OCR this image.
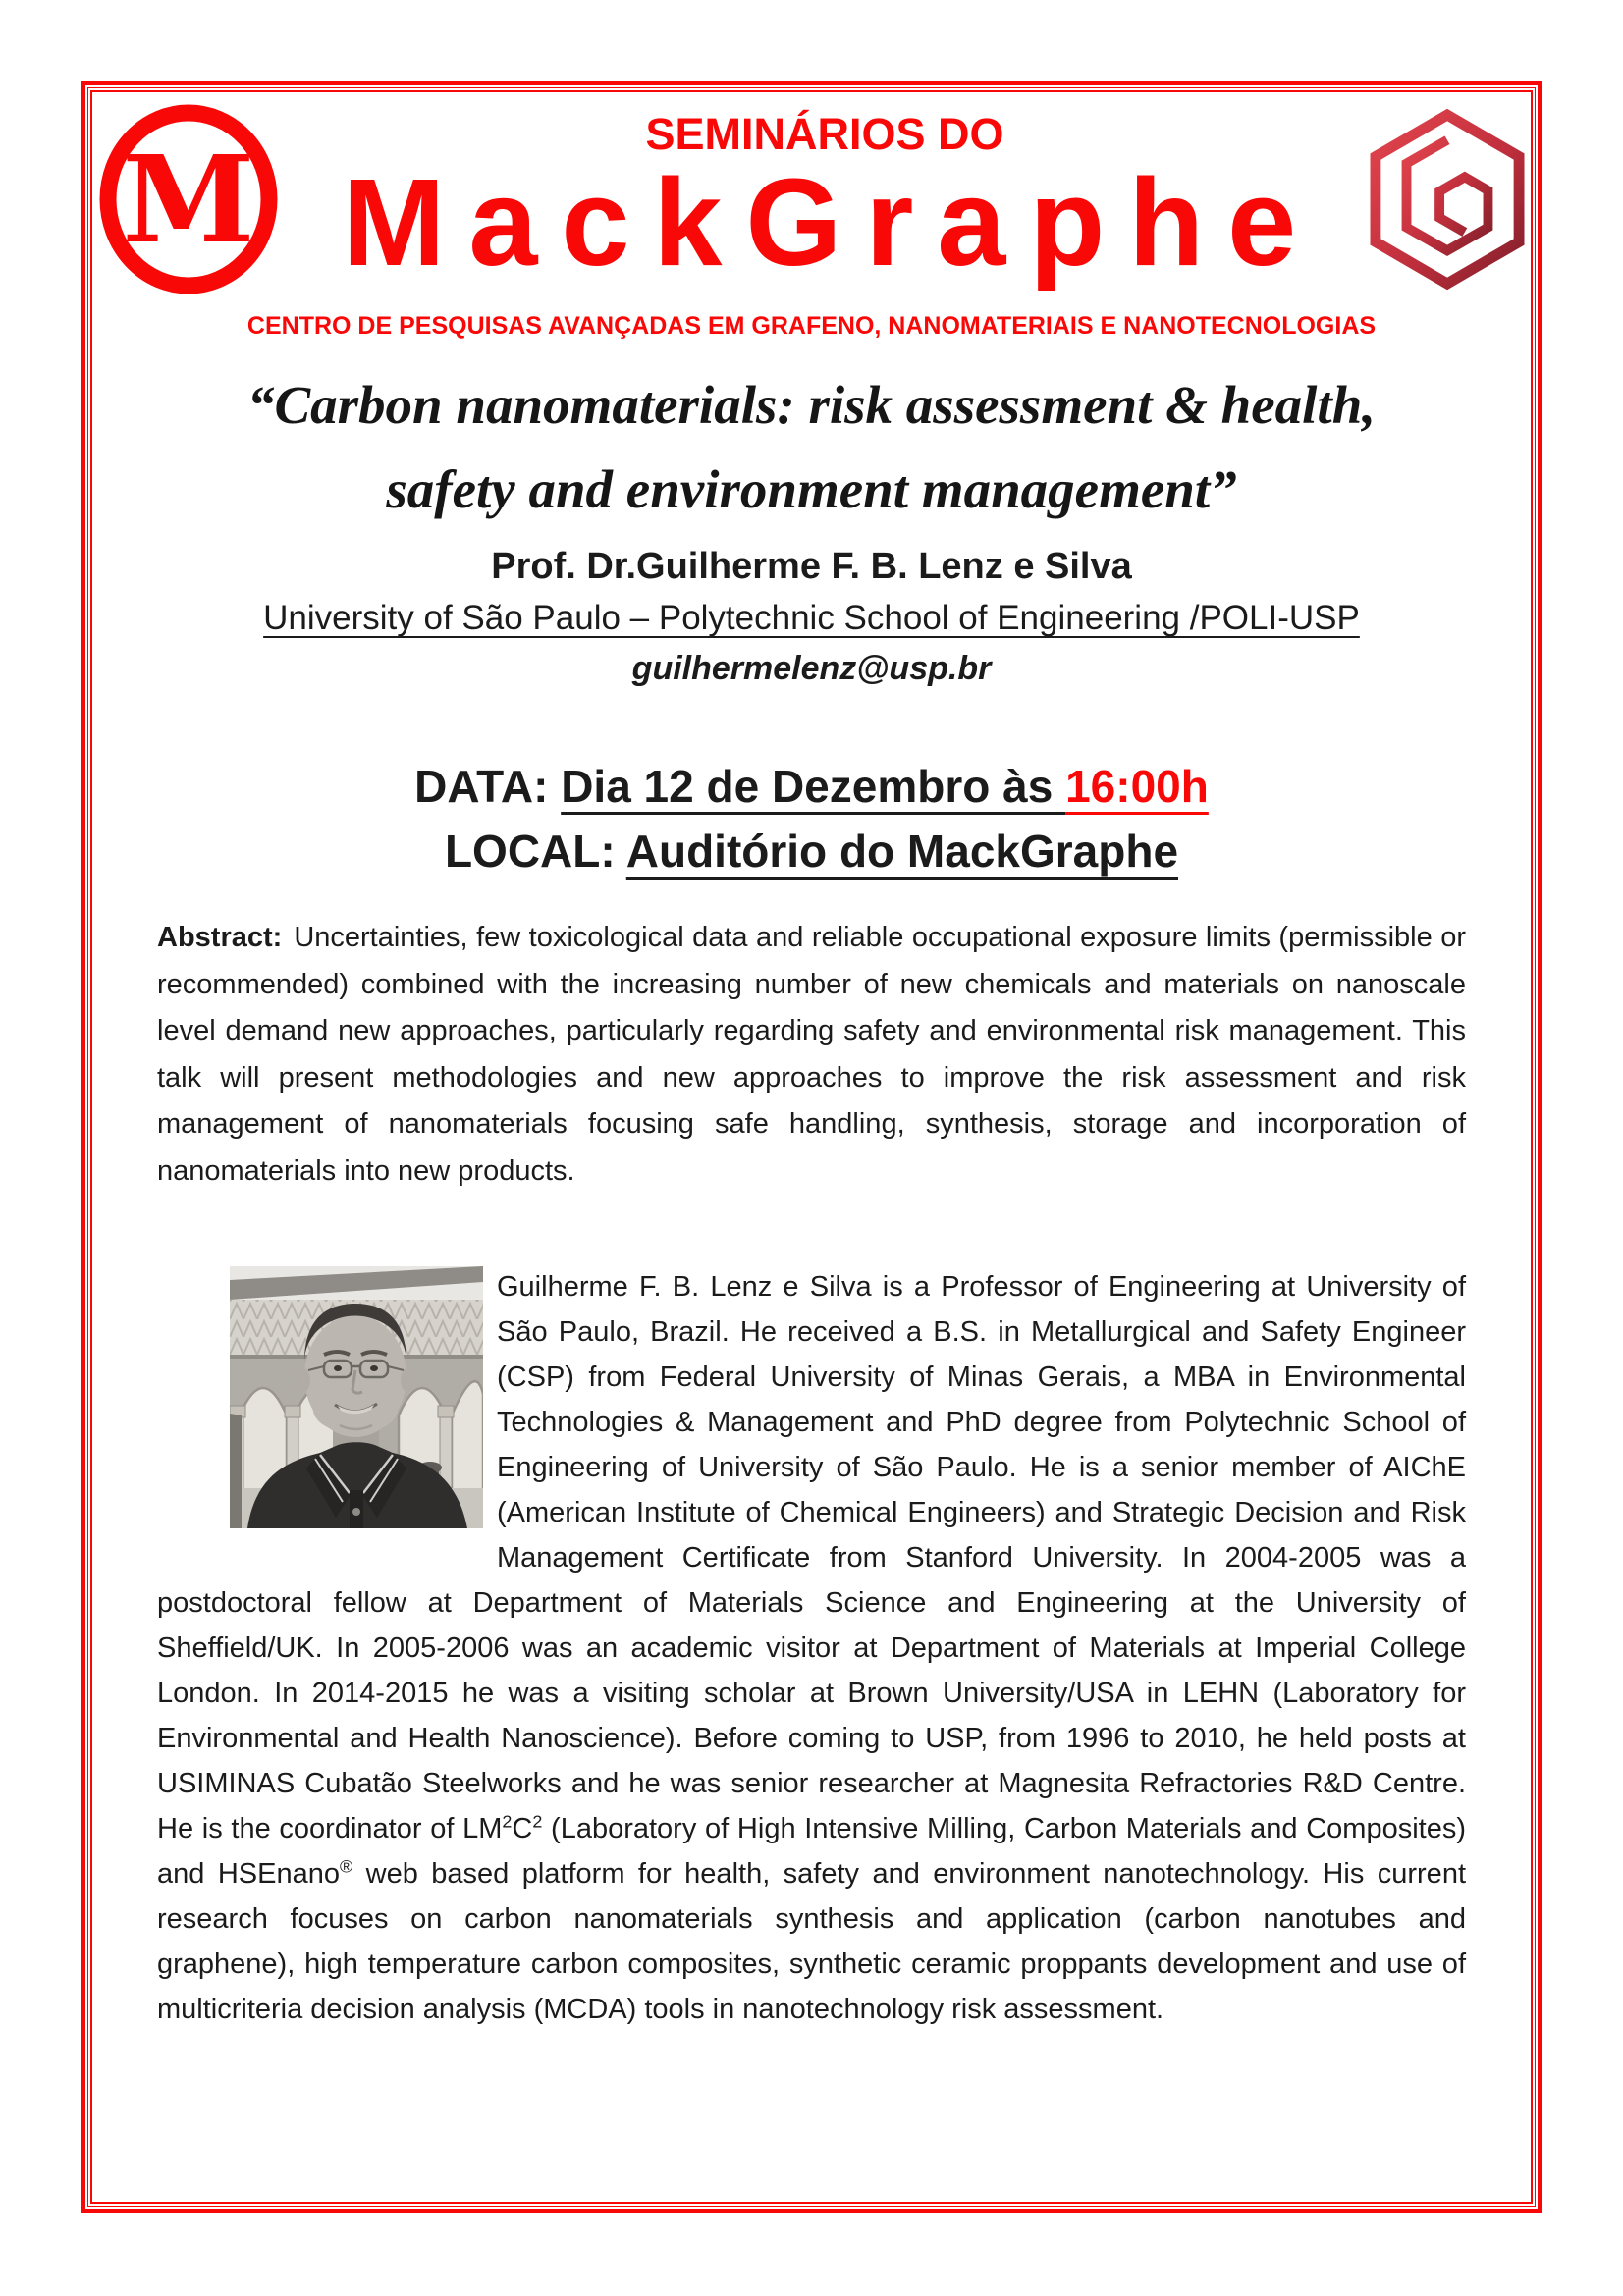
M	SEMINÁRIOS DO
MackGraphe
CENTRO DE PESQUISAS AVANÇADAS EM GRAFENO, NANOMATERIAIS E NANOTECNOLOGIAS
“Carbon nanomaterials: risk assessment & health,
safety and environment management”
Prof. Dr.Guilherme F. B. Lenz e Silva
University of São Paulo – Polytechnic School of Engineering /POLI-USP
guilhermelenz@usp.br
DATA: Dia 12 de Dezembro às 16:00h
LOCAL: Auditório do MackGraphe
Abstract: Uncertainties, few toxicological data and reliable occupational exposure limits (permissible or recommended) combined with the increasing number of new chemicals and materials on nanoscale level demand new approaches, particularly regarding safety and environmental risk management. This talk will present methodologies and new approaches to improve the risk assessment and risk management of nanomaterials focusing safe handling, synthesis, storage and incorporation of nanomaterials into new products.
Guilherme F. B. Lenz e Silva is a Professor of Engineering at University of São Paulo, Brazil. He received a B.S. in Metallurgical and Safety Engineer (CSP) from Federal University of Minas Gerais, a MBA in Environmental Technologies & Management and PhD degree from Polytechnic School of Engineering of University of São Paulo. He is a senior member of AIChE (American Institute of Chemical Engineers) and Strategic Decision and Risk Management Certificate from Stanford University. In 2004-2005 was a postdoctoral fellow at Department of Materials Science and Engineering at the University of Sheffield/UK. In 2005-2006 was an academic visitor at Department of Materials at Imperial College London. In 2014-2015 he was a visiting scholar at Brown University/USA in LEHN (Laboratory for Environmental and Health Nanoscience). Before coming to USP, from 1996 to 2010, he held posts at USIMINAS Cubatão Steelworks and he was senior researcher at Magnesita Refractories R&D Centre. He is the coordinator of $LM^2C^2$ (Laboratory of High Intensive Milling, Carbon Materials and Composites) and HSEnano® web based platform for health, safety and environment nanotechnology. His current research focuses on carbon nanomaterials synthesis and application (carbon nanotubes and graphene), high temperature carbon composites, synthetic ceramic proppants development and use of multicriteria decision analysis (MCDA) tools in nanotechnology risk assessment.
